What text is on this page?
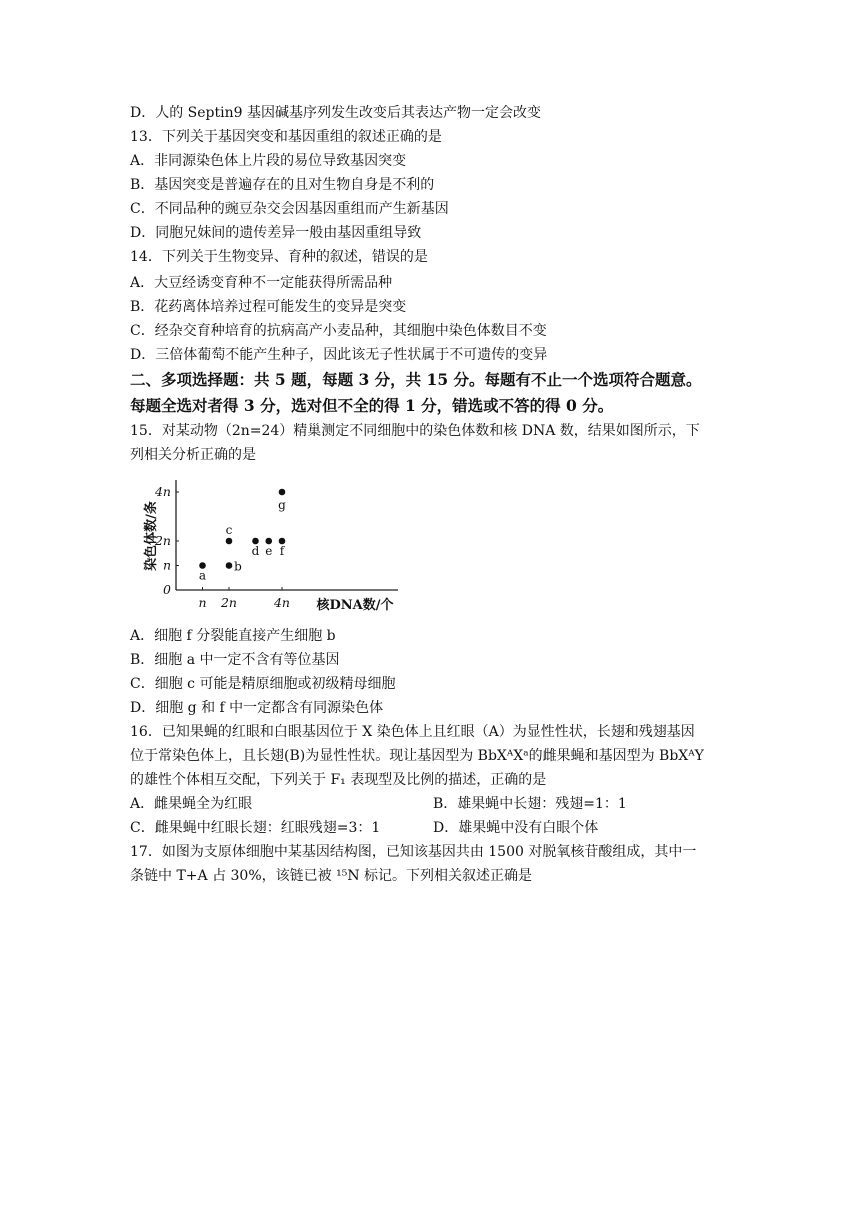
D．人的 Septin9 基因碱基序列发生改变后其表达产物一定会改变
13．下列关于基因突变和基因重组的叙述正确的是
A．非同源染色体上片段的易位导致基因突变
B．基因突变是普遍存在的且对生物自身是不利的
C．不同品种的豌豆杂交会因基因重组而产生新基因
D．同胞兄妹间的遗传差异一般由基因重组导致
14．下列关于生物变异、育种的叙述，错误的是
A．大豆经诱变育种不一定能获得所需品种
B．花药离体培养过程可能发生的变异是突变
C．经杂交育种培育的抗病高产小麦品种，其细胞中染色体数目不变
D．三倍体葡萄不能产生种子，因此该无子性状属于不可遗传的变异
二、多项选择题：共 5 题，每题 3 分，共 15 分。每题有不止一个选项符合题意。
每题全选对者得 3 分，选对但不全的得 1 分，错选或不答的得 0 分。
15．对某动物（2n=24）精巢测定不同细胞中的染色体数和核 DNA 数，结果如图所示，下
列相关分析正确的是
染色体数/条
核DNA数/个
n 2n	4n
0
n
2n
4n
a
b
c
d e f
g
A．细胞 f 分裂能直接产生细胞 b
B．细胞 a 中一定不含有等位基因
C．细胞 c 可能是精原细胞或初级精母细胞
D．细胞 g 和 f 中一定都含有同源染色体
16．已知果蝇的红眼和白眼基因位于 X 染色体上且红眼（A）为显性性状，长翅和残翅基因
位于常染色体上，且长翅(B)为显性性状。现让基因型为 BbXᴬXᵃ的雌果蝇和基因型为 BbXᴬY
的雄性个体相互交配，下列关于 F₁ 表现型及比例的描述，正确的是
A．雌果蝇全为红眼	B．雄果蝇中长翅：残翅=1：1
C．雌果蝇中红眼长翅：红眼残翅=3：1	D．雄果蝇中没有白眼个体
17．如图为支原体细胞中某基因结构图，已知该基因共由 1500 对脱氧核苷酸组成，其中一
条链中 T+A 占 30%，该链已被 ¹⁵N 标记。下列相关叙述正确是
